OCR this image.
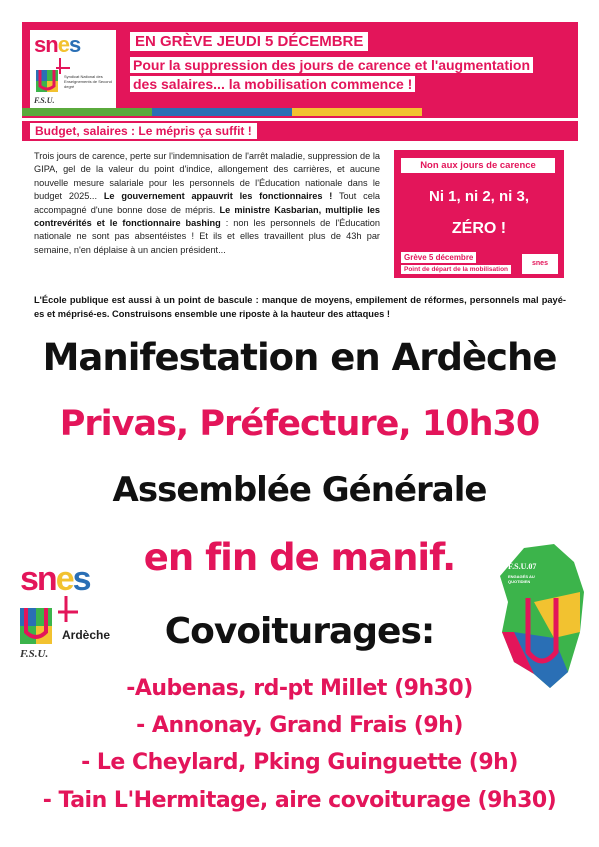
snes
Syndicat National des Enseignements de Second degré
F.S.U.
EN GRÈVE JEUDI 5 DÉCEMBRE
Pour la suppression des jours de carence et l'augmentation
des salaires... la mobilisation commence !
Budget, salaires : Le mépris ça suffit !
Trois jours de carence, perte sur l'indemnisation de l'arrêt maladie, suppression de la GIPA, gel de la valeur du point d'indice, allongement des carrières, et aucune nouvelle mesure salariale pour les personnels de l'Éducation nationale dans le budget 2025... Le gouvernement appauvrit les fonctionnaires ! Tout cela accompagné d'une bonne dose de mépris. Le ministre Kasbarian, multiplie les contrevérités et le fonctionnaire bashing : non les personnels de l'Éducation nationale ne sont pas absentéistes ! Et ils et elles travaillent plus de 43h par semaine, n'en déplaise à un ancien président...
Non aux jours de carence
Ni 1, ni 2, ni 3,
ZÉRO !
Grève 5 décembre
Point de départ de la mobilisation
snes
L'École publique est aussi à un point de bascule : manque de moyens, empilement de réformes, personnels mal payé-es et méprisé-es. Construisons ensemble une riposte à la hauteur des attaques !
Manifestation en Ardèche
Privas, Préfecture, 10h30
Assemblée Générale
en fin de manif.
Covoiturages:
-Aubenas, rd-pt Millet (9h30)
- Annonay, Grand Frais (9h)
- Le Cheylard, Pking Guinguette (9h)
- Tain L'Hermitage, aire covoiturage (9h30)
snes
F.S.U.
Ardèche
F.S.U.07
ENGAGÉS AU QUOTIDIEN
